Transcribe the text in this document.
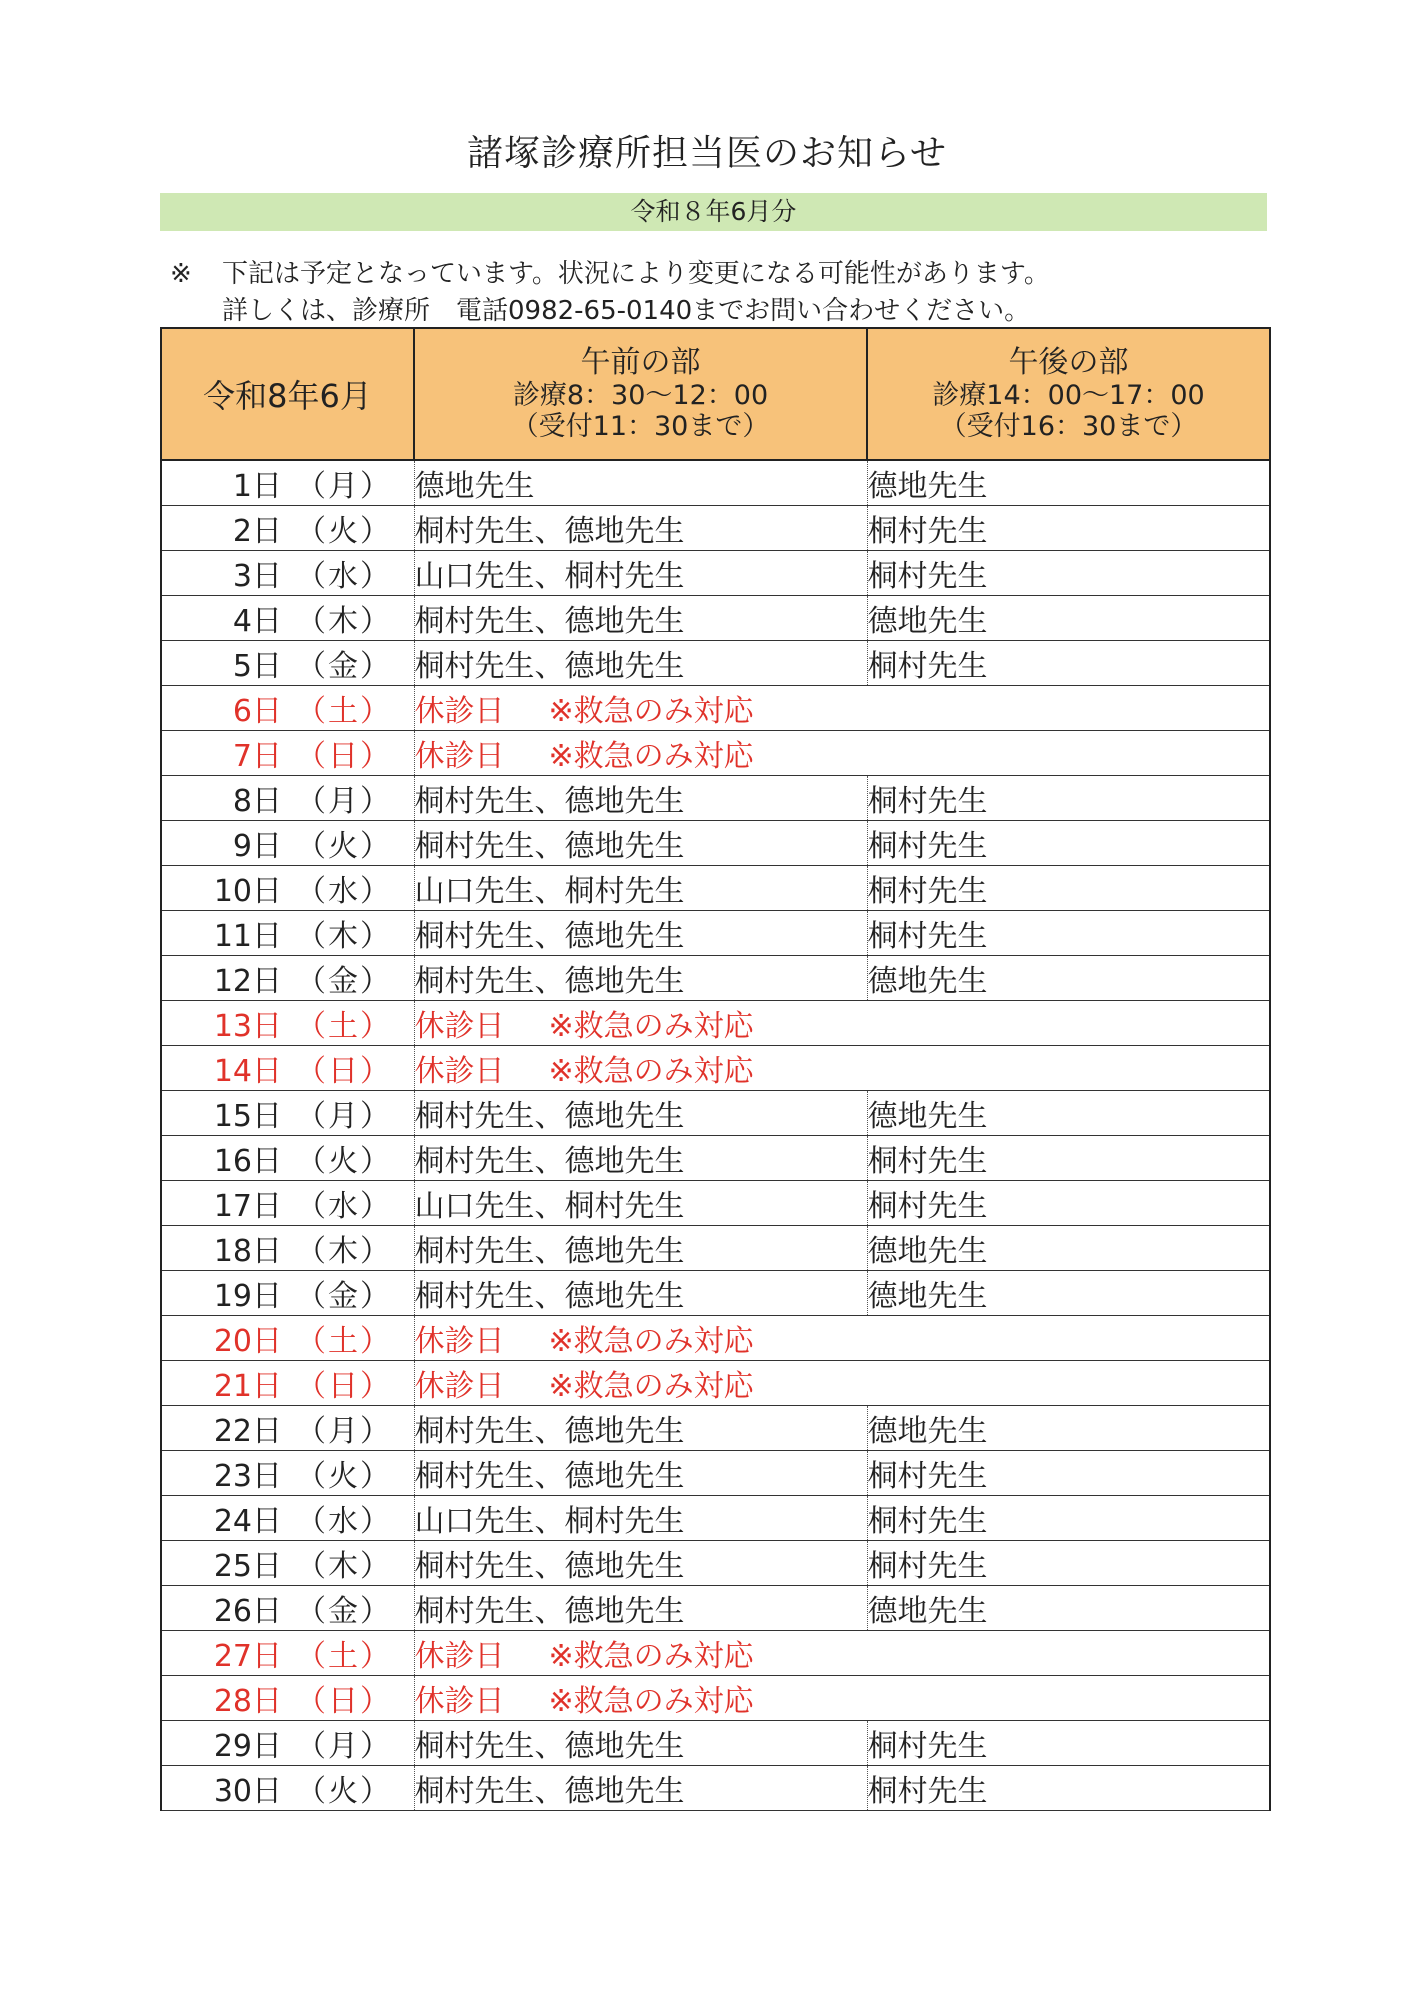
諸塚診療所担当医のお知らせ
令和８年6月分
※ 下記は予定となっています。状況により変更になる可能性があります。
詳しくは、診療所　電話0982-65-0140までお問い合わせください。
令和8年6月	午前の部
診療8：30～12：00
（受付11：30まで）	午後の部
診療14：00～17：00
（受付16：30まで）

1日 （月）	德地先生	德地先生
2日 （火）	桐村先生、德地先生	桐村先生
3日 （水）	山口先生、桐村先生	桐村先生
4日 （木）	桐村先生、德地先生	德地先生
5日 （金）	桐村先生、德地先生	桐村先生
6日 （土）	休診日 ※救急のみ対応	
7日 （日）	休診日 ※救急のみ対応	
8日 （月）	桐村先生、德地先生	桐村先生
9日 （火）	桐村先生、德地先生	桐村先生
10日 （水）	山口先生、桐村先生	桐村先生
11日 （木）	桐村先生、德地先生	桐村先生
12日 （金）	桐村先生、德地先生	德地先生
13日 （土）	休診日 ※救急のみ対応	
14日 （日）	休診日 ※救急のみ対応	
15日 （月）	桐村先生、德地先生	德地先生
16日 （火）	桐村先生、德地先生	桐村先生
17日 （水）	山口先生、桐村先生	桐村先生
18日 （木）	桐村先生、德地先生	德地先生
19日 （金）	桐村先生、德地先生	德地先生
20日 （土）	休診日 ※救急のみ対応	
21日 （日）	休診日 ※救急のみ対応	
22日 （月）	桐村先生、德地先生	德地先生
23日 （火）	桐村先生、德地先生	桐村先生
24日 （水）	山口先生、桐村先生	桐村先生
25日 （木）	桐村先生、德地先生	桐村先生
26日 （金）	桐村先生、德地先生	德地先生
27日 （土）	休診日 ※救急のみ対応	
28日 （日）	休診日 ※救急のみ対応	
29日 （月）	桐村先生、德地先生	桐村先生
30日 （火）	桐村先生、德地先生	桐村先生
